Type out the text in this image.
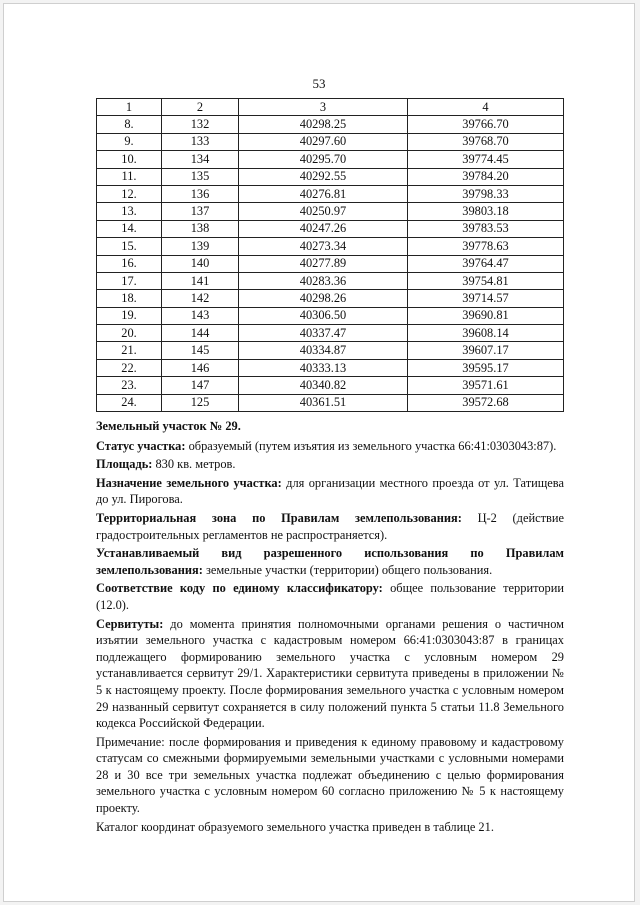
53
1	2	3	4
8.	132	40298.25	39766.70
9.	133	40297.60	39768.70
10.	134	40295.70	39774.45
11.	135	40292.55	39784.20
12.	136	40276.81	39798.33
13.	137	40250.97	39803.18
14.	138	40247.26	39783.53
15.	139	40273.34	39778.63
16.	140	40277.89	39764.47
17.	141	40283.36	39754.81
18.	142	40298.26	39714.57
19.	143	40306.50	39690.81
20.	144	40337.47	39608.14
21.	145	40334.87	39607.17
22.	146	40333.13	39595.17
23.	147	40340.82	39571.61
24.	125	40361.51	39572.68

Земельный участок № 29.

Статус участка: образуемый (путем изъятия из земельного участка 66:41:0303043:87).

Площадь: 830 кв. метров.

Назначение земельного участка: для организации местного проезда от ул. Татищева до ул. Пирогова.

Территориальная зона по Правилам землепользования: Ц-2 (действие градостроительных регламентов не распространяется).

Устанавливаемый вид разрешенного использования по Правилам землепользования: земельные участки (территории) общего пользования.

Соответствие коду по единому классификатору: общее пользование территории (12.0).

Сервитуты: до момента принятия полномочными органами решения о частичном изъятии земельного участка с кадастровым номером 66:41:0303043:87 в границах подлежащего формированию земельного участка с условным номером 29 устанавливается сервитут 29/1. Характеристики сервитута приведены в приложении № 5 к настоящему проекту. После формирования земельного участка с условным номером 29 названный сервитут сохраняется в силу положений пункта 5 статьи 11.8 Земельного кодекса Российской Федерации.

Примечание: после формирования и приведения к единому правовому и кадастровому статусам со смежными формируемыми земельными участками с условными номерами 28 и 30 все три земельных участка подлежат объединению с целью формирования земельного участка с условным номером 60 согласно приложению № 5 к настоящему проекту.

Каталог координат образуемого земельного участка приведен в таблице 21.
